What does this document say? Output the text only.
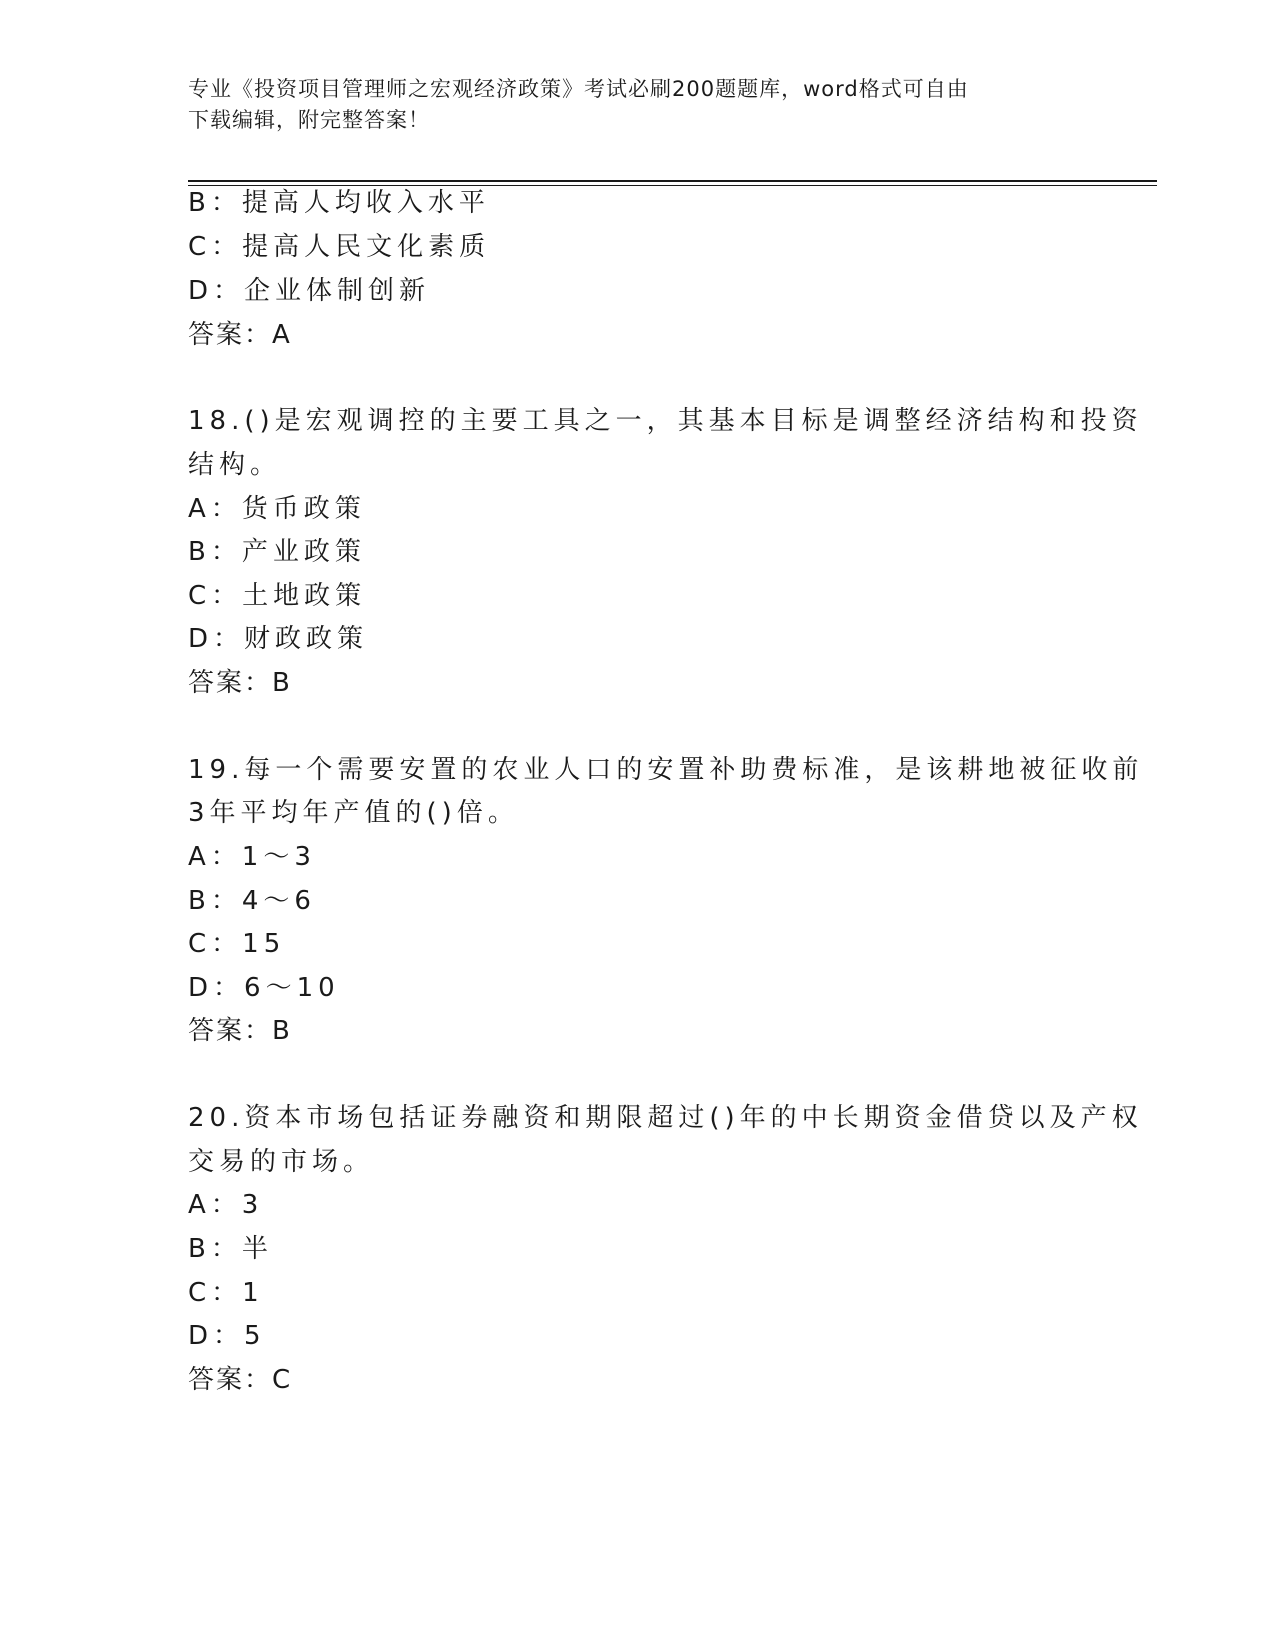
专业《投资项目管理师之宏观经济政策》考试必刷200题题库，word格式可自由
下载编辑，附完整答案！
B：提高人均收入水平
C：提高人民文化素质
D：企业体制创新
答案：A
18.()是宏观调控的主要工具之一，其基本目标是调整经济结构和投资
结构。
A：货币政策
B：产业政策
C：土地政策
D：财政政策
答案：B
19.每一个需要安置的农业人口的安置补助费标准，是该耕地被征收前
3年平均年产值的()倍。
A：1～3
B：4～6
C：15
D：6～10
答案：B
20.资本市场包括证券融资和期限超过()年的中长期资金借贷以及产权
交易的市场。
A：3
B：半
C：1
D：5
答案：C
